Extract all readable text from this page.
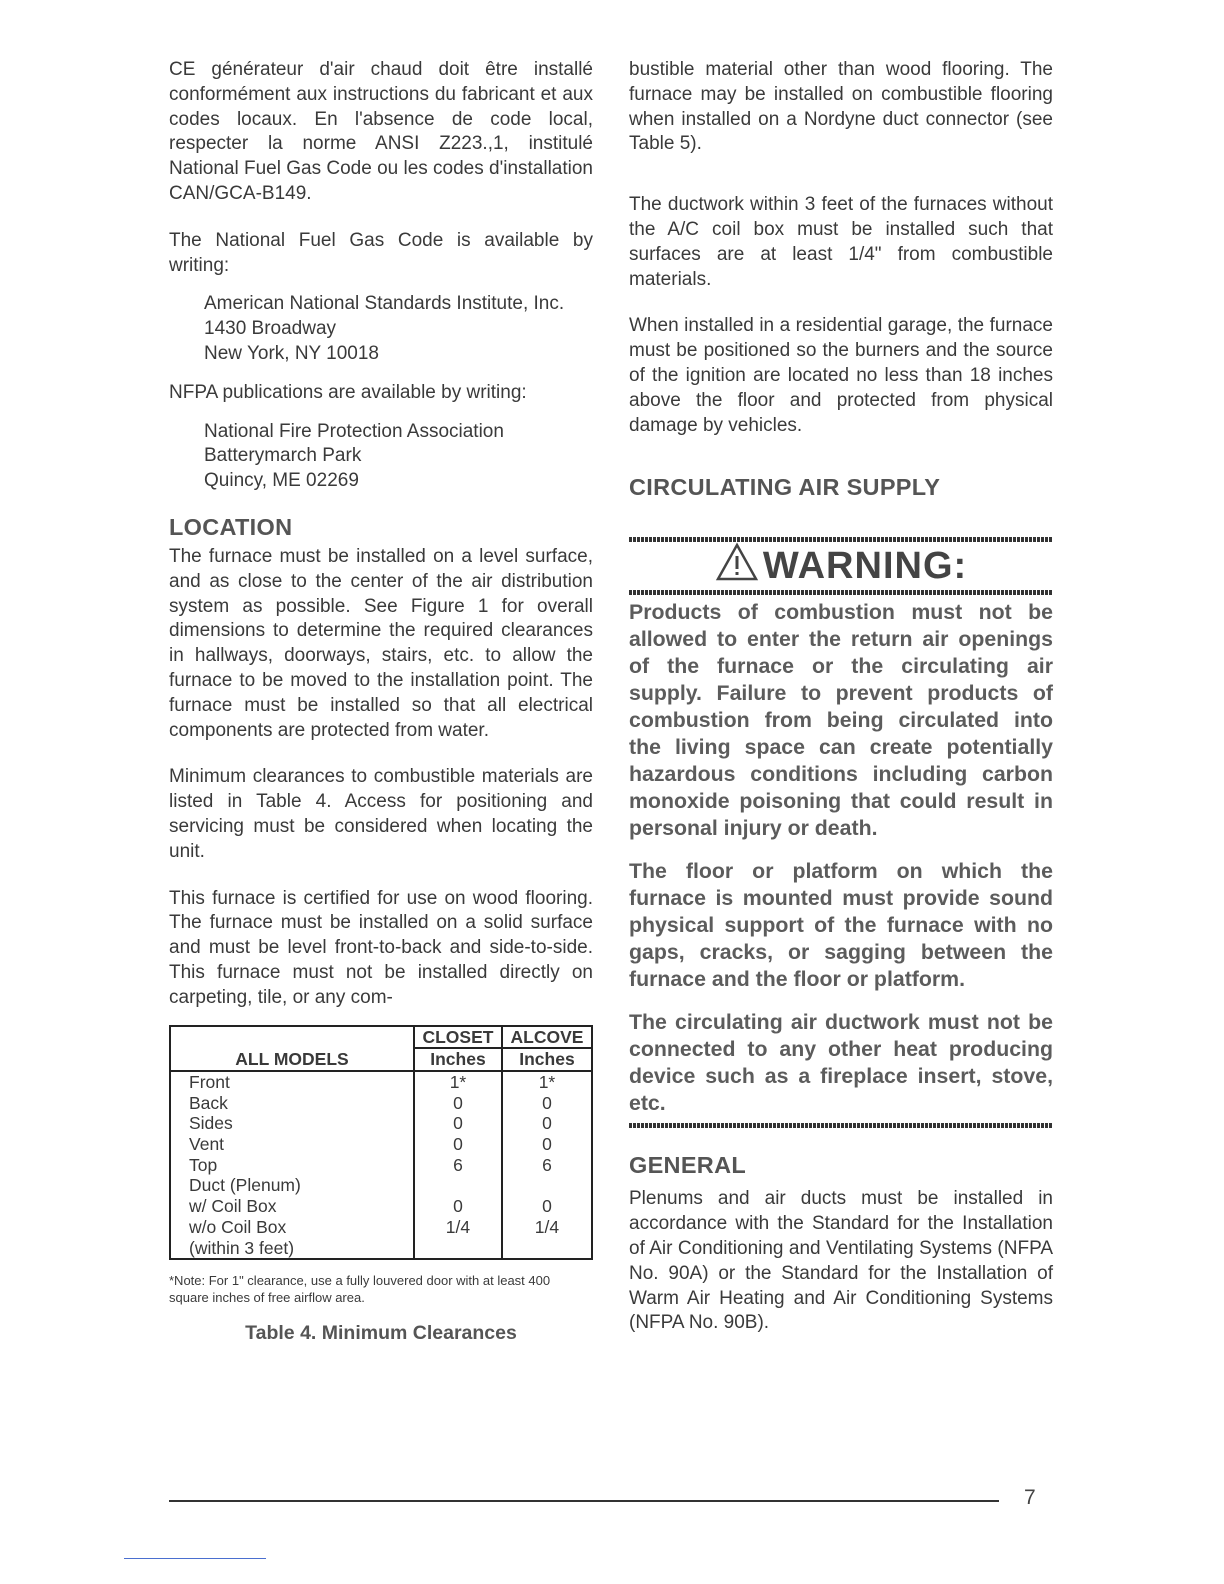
CE générateur d'air chaud doit être installé conformément aux instructions du fabricant et aux codes locaux. En l'absence de code local, respecter la norme ANSI Z223.,1, institulé National Fuel Gas Code ou les codes d'installation CAN/GCA-B149.

The National Fuel Gas Code is available by writing:

American National Standards Institute, Inc.

1430 Broadway

New York, NY 10018

NFPA publications are available by writing:

National Fire Protection Association

Batterymarch Park

Quincy, ME 02269

LOCATION

The furnace must be installed on a level surface, and as close to the center of the air distribution system as possible. See Figure 1 for overall dimensions to determine the required clearances in hallways, doorways, stairs, etc. to allow the furnace to be moved to the installation point. The furnace must be installed so that all electrical components are protected from water.

Minimum clearances to combustible materials are listed in Table 4. Access for positioning and servicing must be considered when locating the unit.

This furnace is certified for use on wood flooring. The furnace must be installed on a solid surface and must be level front-to-back and side-to-side. This furnace must not be installed directly on carpeting, tile, or any com-

ALL MODELS	CLOSET	ALCOVE
	Inches	Inches
Front	1*	1*
Back	0	0
Sides	0	0
Vent	0	0
Top	6	6
Duct (Plenum)		
w/ Coil Box	0	0
w/o Coil Box	1/4	1/4
(within 3 feet)		
*Note: For 1" clearance, use a fully louvered door with at least 400 square inches of free airflow area.
Table 4. Minimum Clearances

bustible material other than wood flooring. The furnace may be installed on combustible flooring when installed on a Nordyne duct connector (see Table 5).

The ductwork within 3 feet of the furnaces without the A/C coil box must be installed such that surfaces are at least 1/4" from combustible materials.

When installed in a residential garage, the furnace must be positioned so the burners and the source of the ignition are located no less than 18 inches above the floor and protected from physical damage by vehicles.

CIRCULATING AIR SUPPLY
WARNING:

Products of combustion must not be allowed to enter the return air openings of the furnace or the circulating air supply. Failure to prevent products of combustion from being circulated into the living space can create potentially hazardous conditions including carbon monoxide poisoning that could result in personal injury or death.

The floor or platform on which the furnace is mounted must provide sound physical support of the furnace with no gaps, cracks, or sagging between the furnace and the floor or platform.

The circulating air ductwork must not be connected to any other heat producing device such as a fireplace insert, stove, etc.

GENERAL

Plenums and air ducts must be installed in accordance with the Standard for the Installation of Air Conditioning and Ventilating Systems (NFPA No. 90A) or the Standard for the Installation of Warm Air Heating and Air Conditioning Systems (NFPA No. 90B).

7
